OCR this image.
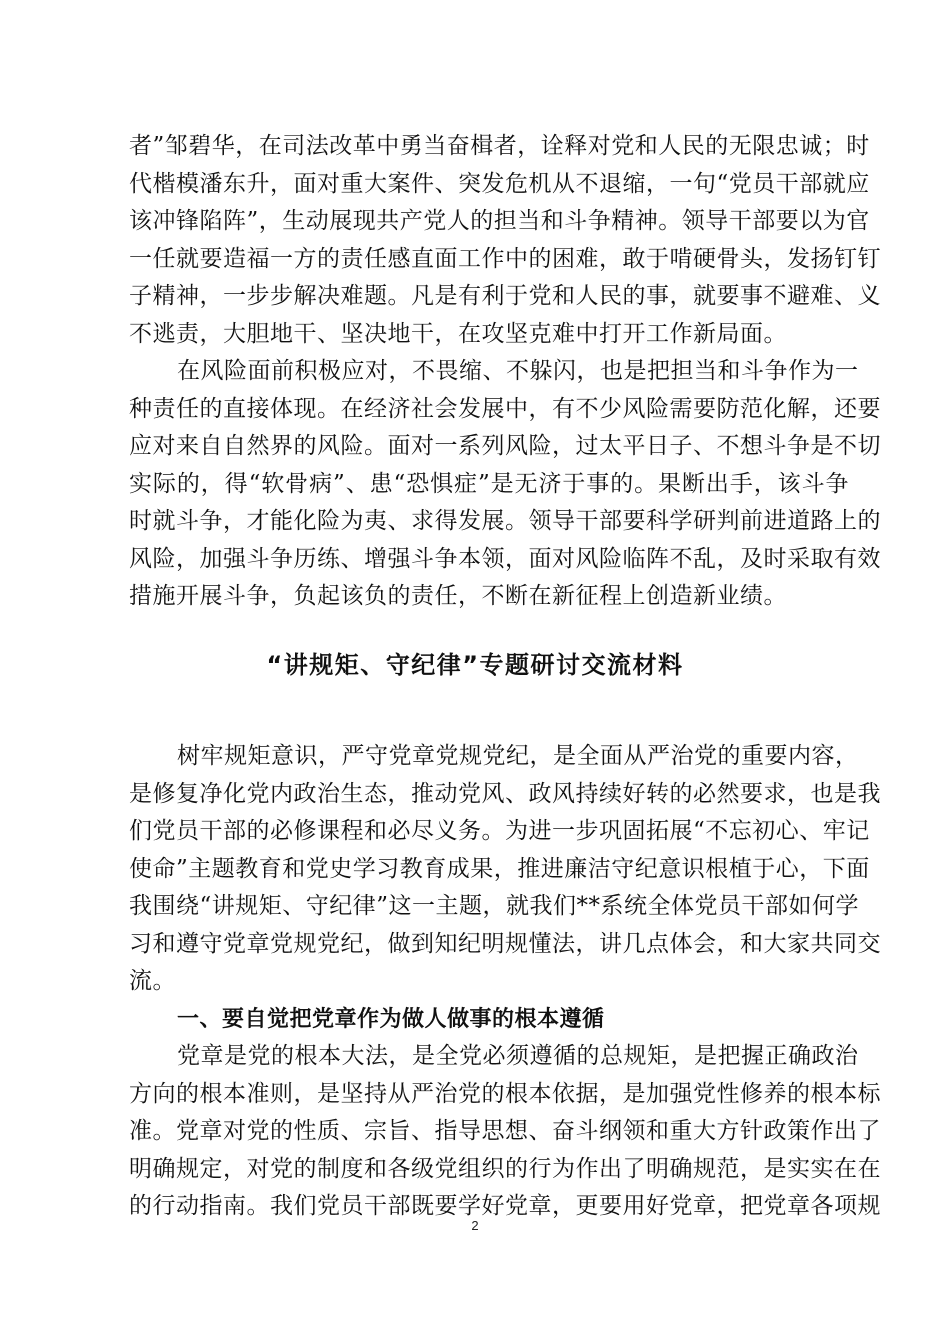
者”邹碧华，在司法改革中勇当奋楫者，诠释对党和人民的无限忠诚；时
代楷模潘东升，面对重大案件、突发危机从不退缩，一句“党员干部就应
该冲锋陷阵”，生动展现共产党人的担当和斗争精神。领导干部要以为官
一任就要造福一方的责任感直面工作中的困难，敢于啃硬骨头，发扬钉钉
子精神，一步步解决难题。凡是有利于党和人民的事，就要事不避难、义
不逃责，大胆地干、坚决地干，在攻坚克难中打开工作新局面。
在风险面前积极应对，不畏缩、不躲闪，也是把担当和斗争作为一
种责任的直接体现。在经济社会发展中，有不少风险需要防范化解，还要
应对来自自然界的风险。面对一系列风险，过太平日子、不想斗争是不切
实际的，得“软骨病”、患“恐惧症”是无济于事的。果断出手，该斗争
时就斗争，才能化险为夷、求得发展。领导干部要科学研判前进道路上的
风险，加强斗争历练、增强斗争本领，面对风险临阵不乱，及时采取有效
措施开展斗争，负起该负的责任，不断在新征程上创造新业绩。
“讲规矩、守纪律”专题研讨交流材料
树牢规矩意识，严守党章党规党纪，是全面从严治党的重要内容，
是修复净化党内政治生态，推动党风、政风持续好转的必然要求，也是我
们党员干部的必修课程和必尽义务。为进一步巩固拓展“不忘初心、牢记
使命”主题教育和党史学习教育成果，推进廉洁守纪意识根植于心，下面
我围绕“讲规矩、守纪律”这一主题，就我们**系统全体党员干部如何学
习和遵守党章党规党纪，做到知纪明规懂法，讲几点体会，和大家共同交
流。
一、要自觉把党章作为做人做事的根本遵循
党章是党的根本大法，是全党必须遵循的总规矩，是把握正确政治
方向的根本准则，是坚持从严治党的根本依据，是加强党性修养的根本标
准。党章对党的性质、宗旨、指导思想、奋斗纲领和重大方针政策作出了
明确规定，对党的制度和各级党组织的行为作出了明确规范，是实实在在
的行动指南。我们党员干部既要学好党章，更要用好党章，把党章各项规
2
